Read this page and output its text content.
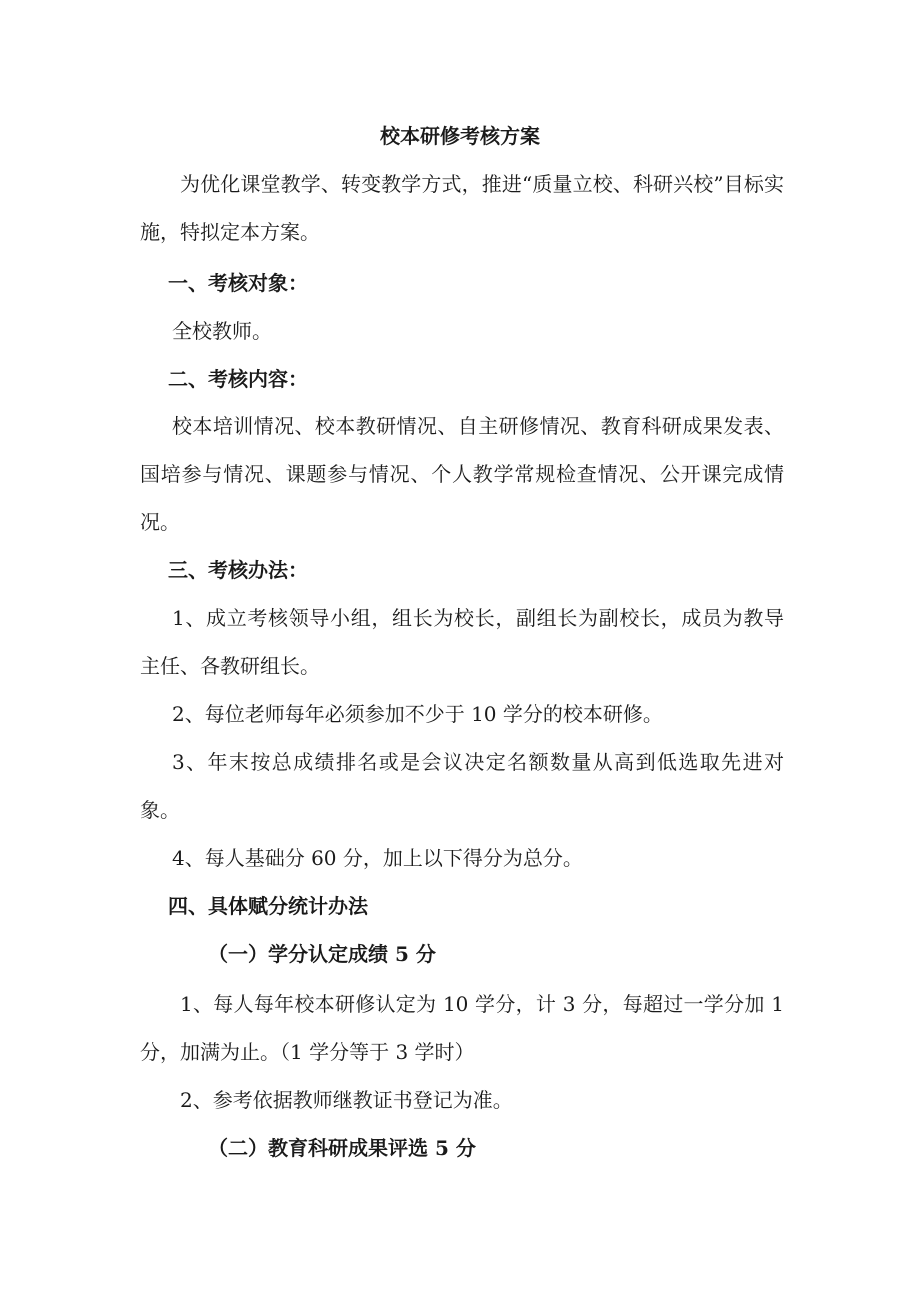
校本研修考核方案

为优化课堂教学、转变教学方式，推进“质量立校、科研兴校”目标实施，特拟定本方案。

一、考核对象：

全校教师。

二、考核内容：

校本培训情况、校本教研情况、自主研修情况、教育科研成果发表、国培参与情况、课题参与情况、个人教学常规检查情况、公开课完成情况。

三、考核办法：

1、成立考核领导小组，组长为校长，副组长为副校长，成员为教导主任、各教研组长。

2、每位老师每年必须参加不少于 10 学分的校本研修。

3、年末按总成绩排名或是会议决定名额数量从高到低选取先进对象。

4、每人基础分 60 分，加上以下得分为总分。

四、具体赋分统计办法

（一）学分认定成绩 5 分

1、每人每年校本研修认定为 10 学分，计 3 分，每超过一学分加 1 分，加满为止。（1 学分等于 3 学时）

2、参考依据教师继教证书登记为准。

（二）教育科研成果评选 5 分
